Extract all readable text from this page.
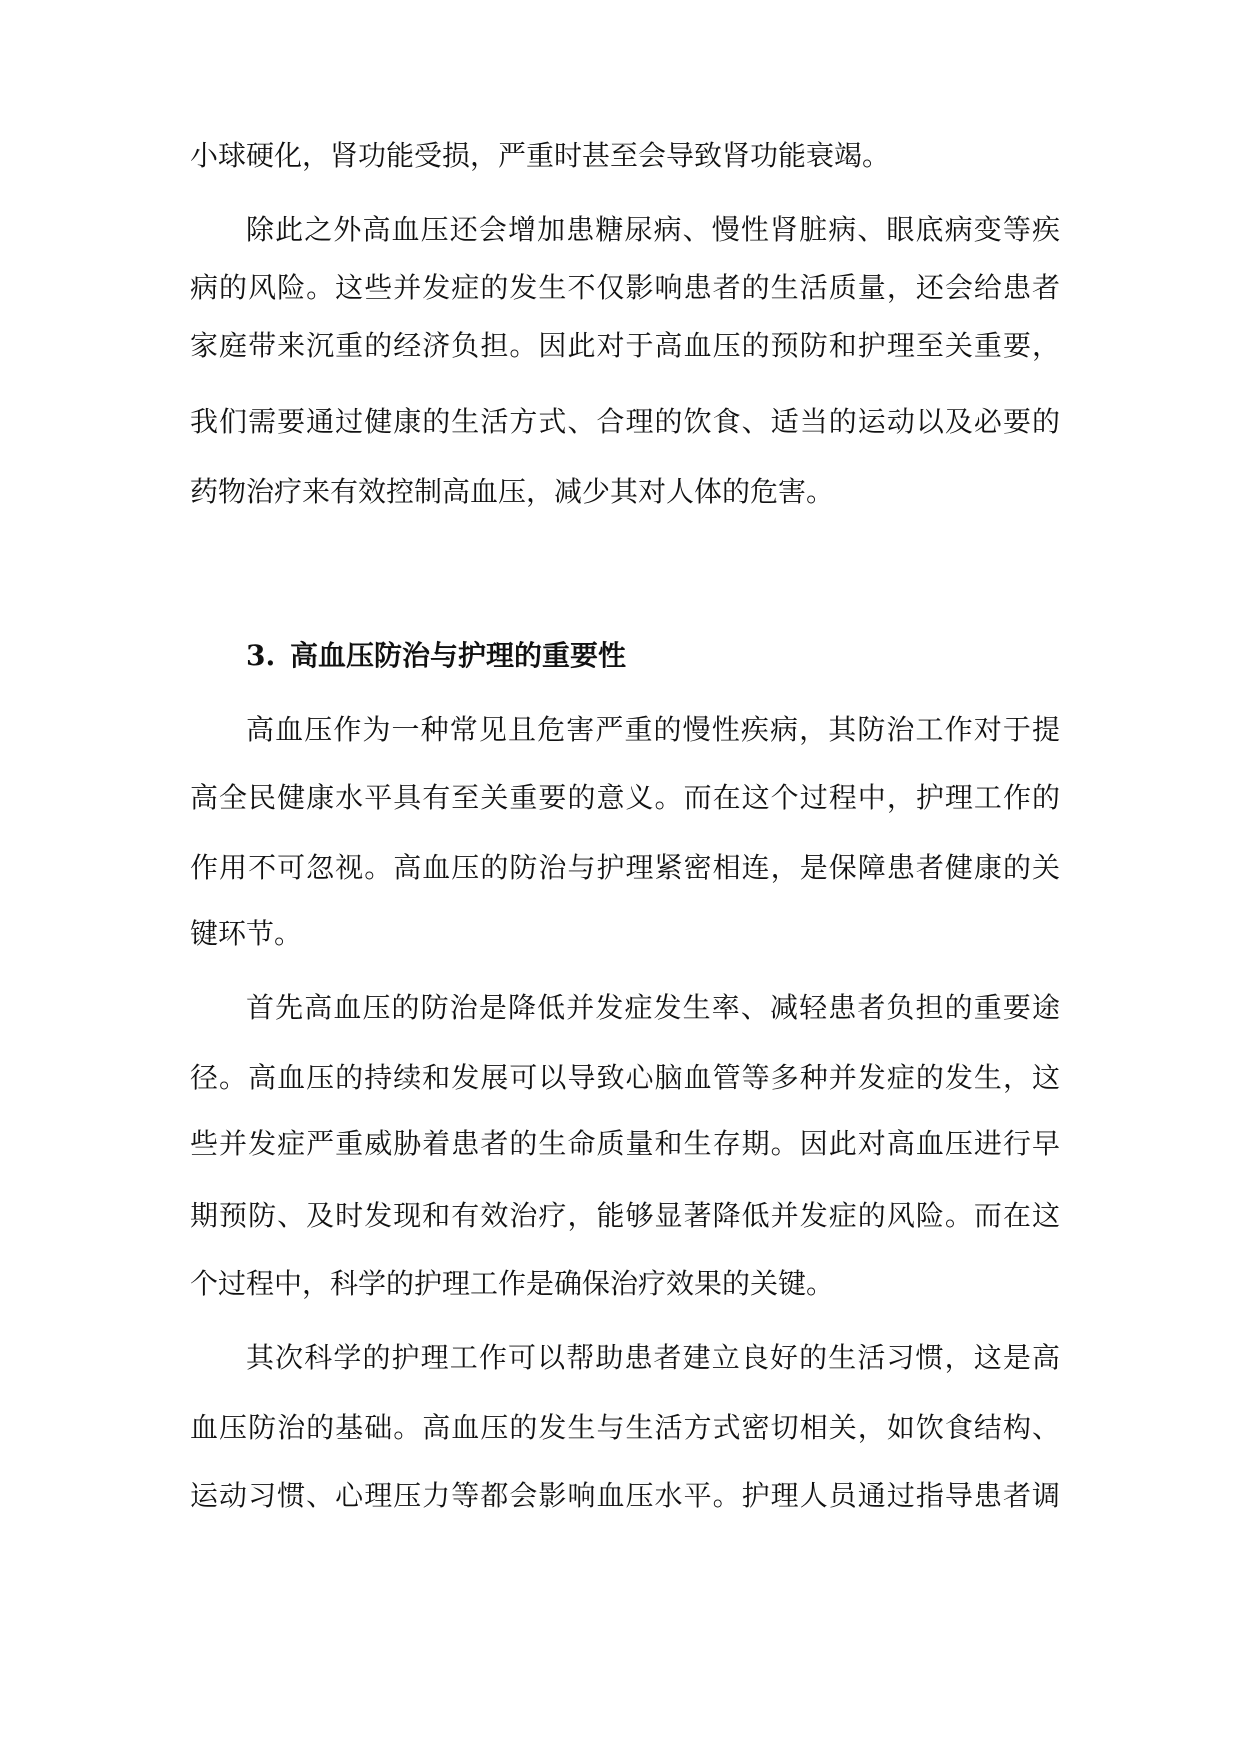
小球硬化，肾功能受损，严重时甚至会导致肾功能衰竭。
除此之外高血压还会增加患糖尿病、慢性肾脏病、眼底病变等疾
病的风险。这些并发症的发生不仅影响患者的生活质量，还会给患者
家庭带来沉重的经济负担。因此对于高血压的预防和护理至关重要，
我们需要通过健康的生活方式、合理的饮食、适当的运动以及必要的
药物治疗来有效控制高血压，减少其对人体的危害。
3. 高血压防治与护理的重要性
高血压作为一种常见且危害严重的慢性疾病，其防治工作对于提
高全民健康水平具有至关重要的意义。而在这个过程中，护理工作的
作用不可忽视。高血压的防治与护理紧密相连，是保障患者健康的关
键环节。
首先高血压的防治是降低并发症发生率、减轻患者负担的重要途
径。高血压的持续和发展可以导致心脑血管等多种并发症的发生，这
些并发症严重威胁着患者的生命质量和生存期。因此对高血压进行早
期预防、及时发现和有效治疗，能够显著降低并发症的风险。而在这
个过程中，科学的护理工作是确保治疗效果的关键。
其次科学的护理工作可以帮助患者建立良好的生活习惯，这是高
血压防治的基础。高血压的发生与生活方式密切相关，如饮食结构、
运动习惯、心理压力等都会影响血压水平。护理人员通过指导患者调
